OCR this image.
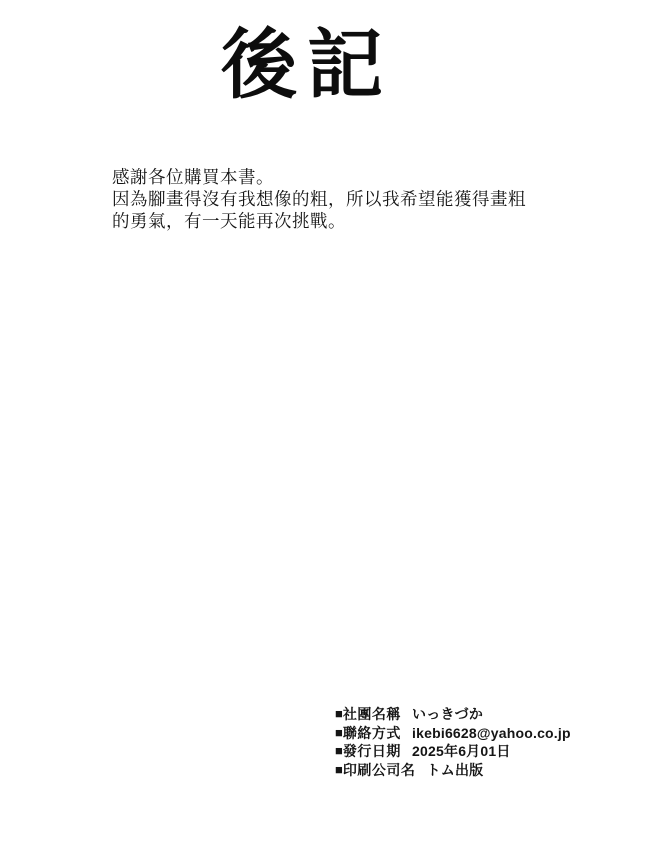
後記
感謝各位購買本書。
因為腳畫得沒有我想像的粗，所以我希望能獲得畫粗
的勇氣，有一天能再次挑戰。
■社團名稱 いっきづか
■聯絡方式 ikebi6628@yahoo.co.jp
■發行日期 2025年6月01日
■印刷公司名 トム出版
